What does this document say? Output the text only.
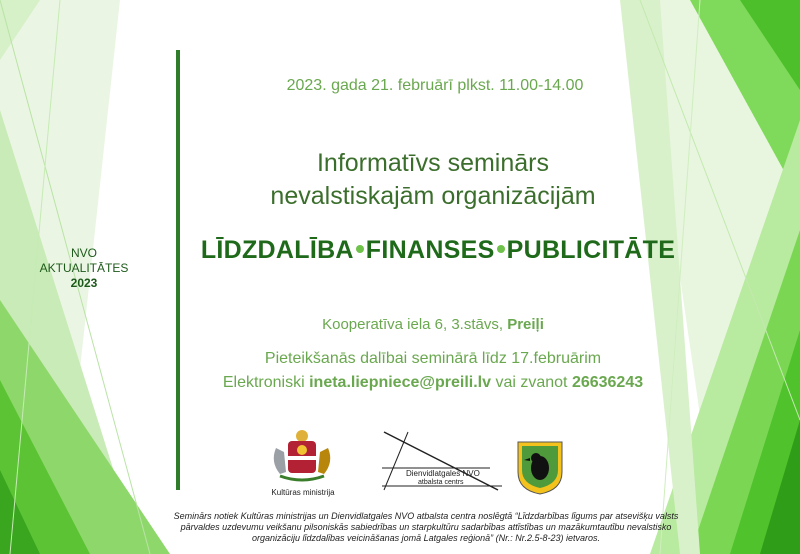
NVO AKTUALITĀTES
2023
2023. gada 21. februārī plkst. 11.00-14.00
Informatīvs seminārs
nevalstiskajām organizācijām
LĪDZDALĪBA FINANSES PUBLICITĀTE
Kooperatīva iela 6, 3.stāvs, Preiļi
Pieteikšanās dalībai seminārā līdz 17.februārim
Elektroniski ineta.liepniece@preili.lv vai zvanot 26636243
Kultūras ministrija
Dienvidlatgales NVO
atbalsta centrs
Seminārs notiek Kultūras ministrijas un Dienvidlatgales NVO atbalsta centra noslēgtā “Līdzdarbības līgums par atsevišķu valsts
pārvaldes uzdevumu veikšanu pilsoniskās sabiedrības un starpkultūru sadarbības attīstības un mazākumtautību nevalstisko
organizāciju līdzdalības veicināšanas jomā Latgales reģionā” (Nr.: Nr.2.5-8-23) ietvaros.
